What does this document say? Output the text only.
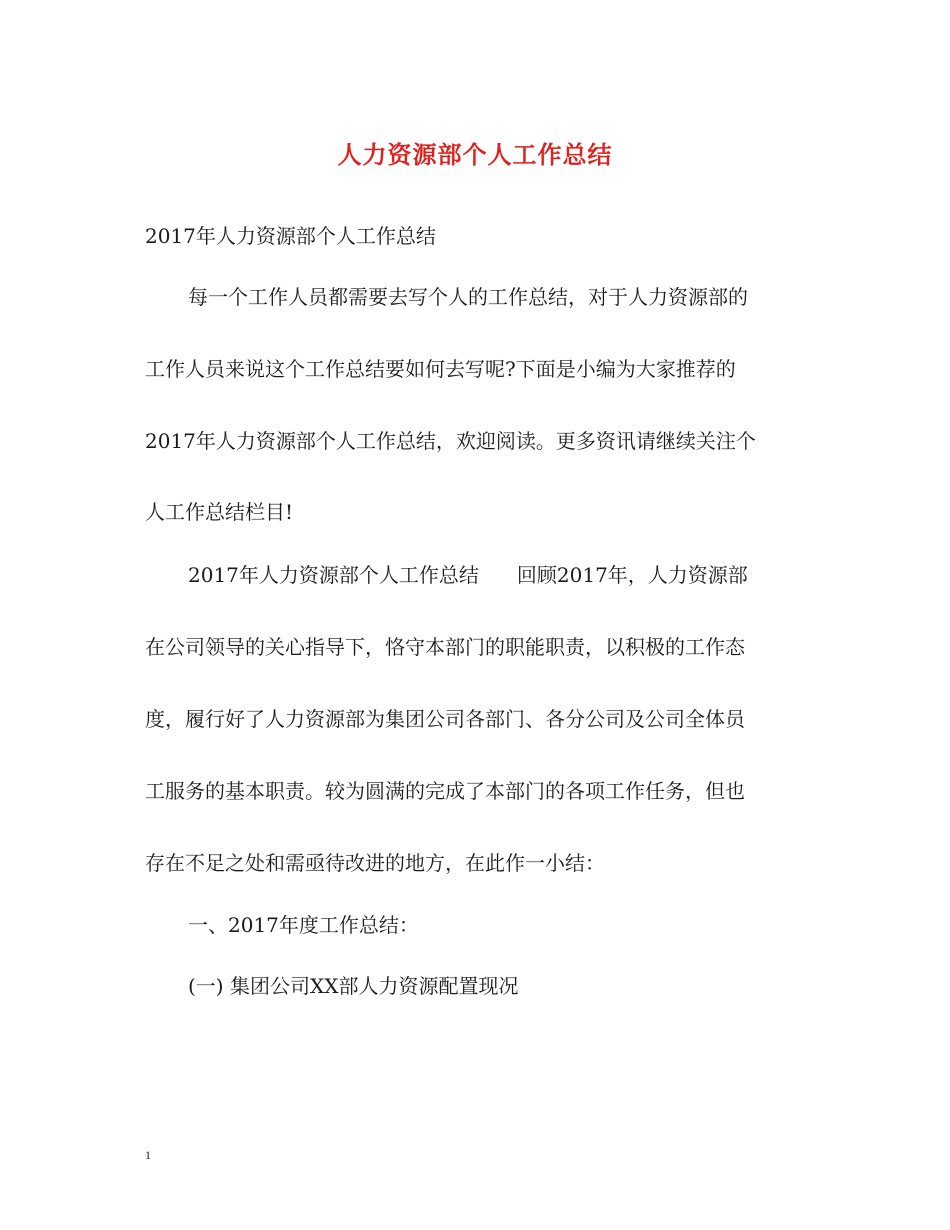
人力资源部个人工作总结
2017年人力资源部个人工作总结
每一个工作人员都需要去写个人的工作总结，对于人力资源部的
工作人员来说这个工作总结要如何去写呢?下面是小编为大家推荐的
2017年人力资源部个人工作总结，欢迎阅读。更多资讯请继续关注个
人工作总结栏目!
2017年人力资源部个人工作总结 回顾2017年，人力资源部
在公司领导的关心指导下，恪守本部门的职能职责，以积极的工作态
度，履行好了人力资源部为集团公司各部门、各分公司及公司全体员
工服务的基本职责。较为圆满的完成了本部门的各项工作任务，但也
存在不足之处和需亟待改进的地方，在此作一小结：
一、2017年度工作总结：
(一) 集团公司XX部人力资源配置现况
1
